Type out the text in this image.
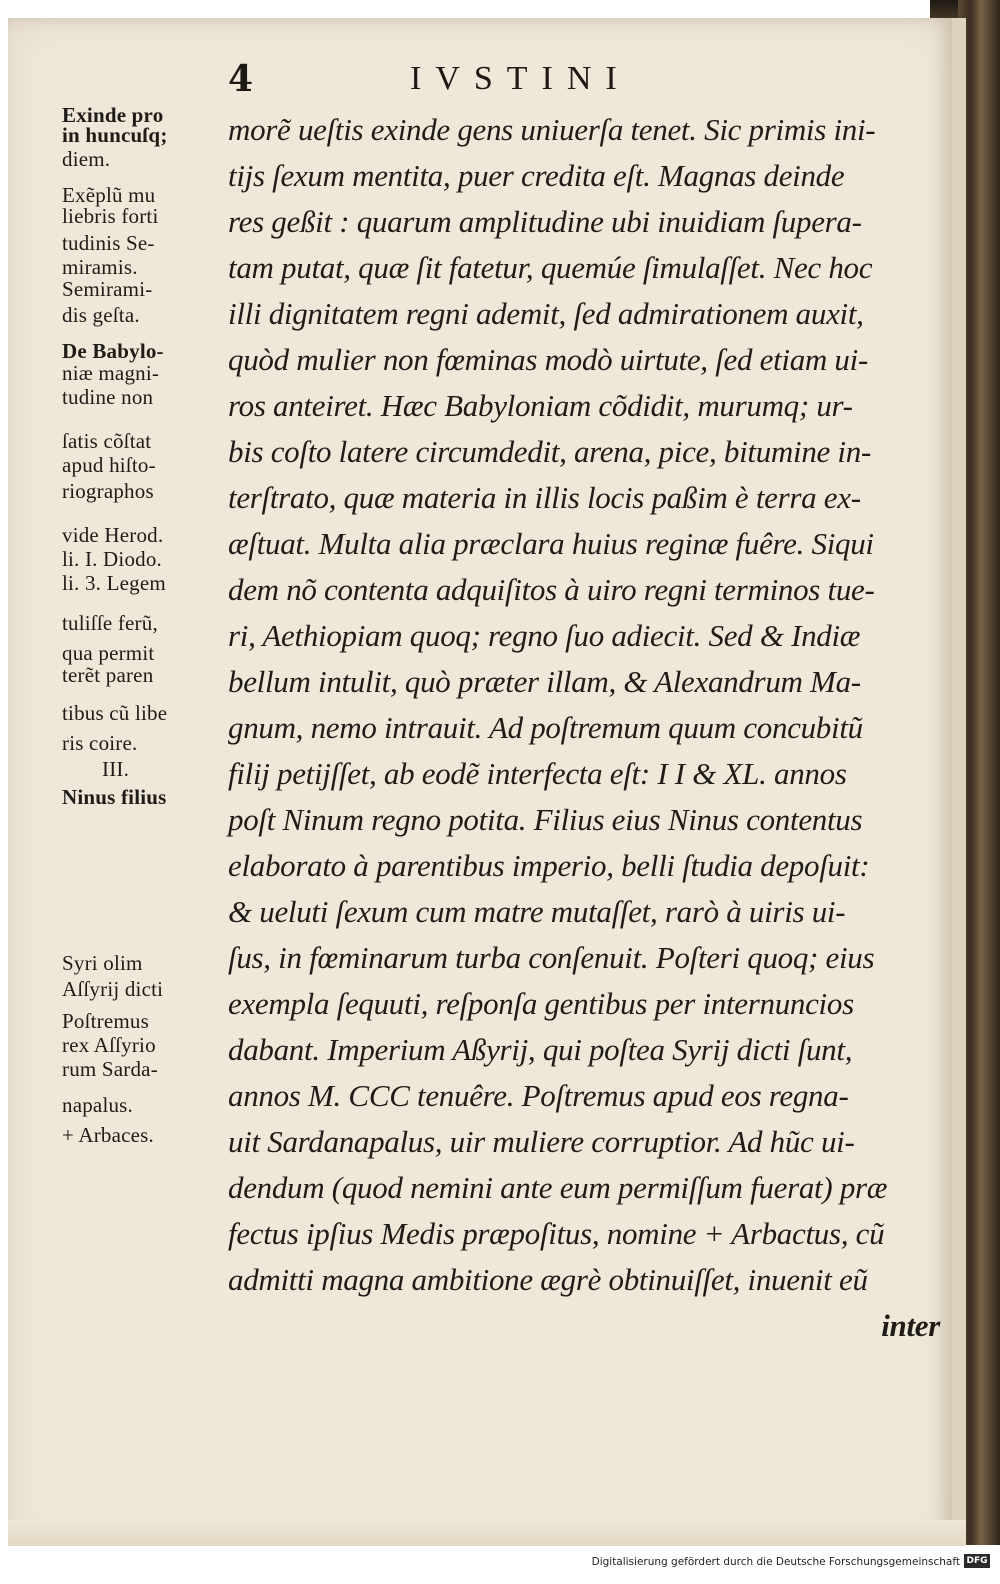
4	IVSTINI
Exinde pro
in huncuſq;
diem.
Exẽplũ mu
liebris forti
tudinis Se-
miramis.
Semirami-
dis geſta.
De Babylo-
niæ magni-
tudine non
ſatis cõſtat
apud hiſto-
riographos
vide Herod.
li. I. Diodo.
li. 3. Legem
tuliſſe ferũ,
qua permit
terẽt paren
tibus cũ libe
ris coire.
III.
Ninus filius
Syri olim
Aſſyrij dicti
Poſtremus
rex Aſſyrio
rum Sarda-
napalus.
+ Arbaces.
morẽ ueſtis exinde gens uniuerſa tenet. Sic primis ini-
tijs ſexum mentita, puer credita eſt. Magnas deinde
res geßit : quarum amplitudine ubi inuidiam ſupera-
tam putat, quæ ſit fatetur, quemúe ſimulaſſet. Nec hoc
illi dignitatem regni ademit, ſed admirationem auxit,
quòd mulier non fœminas modò uirtute, ſed etiam ui-
ros anteiret. Hæc Babyloniam cõdidit, murumq; ur-
bis coſto latere circumdedit, arena, pice, bitumine in-
terſtrato, quæ materia in illis locis paßim è terra ex-
æſtuat. Multa alia præclara huius reginæ fuêre. Siqui
dem nõ contenta adquiſitos à uiro regni terminos tue-
ri, Aethiopiam quoq; regno ſuo adiecit. Sed & Indiæ
bellum intulit, quò præter illam, & Alexandrum Ma-
gnum, nemo intrauit. Ad poſtremum quum concubitũ
filij petijſſet, ab eodẽ interfecta eſt: I I & XL. annos
poſt Ninum regno potita. Filius eius Ninus contentus
elaborato à parentibus imperio, belli ſtudia depoſuit:
& ueluti ſexum cum matre mutaſſet, rarò à uiris ui-
ſus, in fœminarum turba conſenuit. Poſteri quoq; eius
exempla ſequuti, reſponſa gentibus per internuncios
dabant. Imperium Aßyrij, qui poſtea Syrij dicti ſunt,
annos M. CCC tenuêre. Poſtremus apud eos regna-
uit Sardanapalus, uir muliere corruptior. Ad hũc ui-
dendum (quod nemini ante eum permiſſum fuerat) præ
fectus ipſius Medis præpoſitus, nomine + Arbactus, cũ
admitti magna ambitione ægrè obtinuiſſet, inuenit eũ
inter
Digitalisierung gefördert durch die Deutsche Forschungsgemeinschaft DFG
